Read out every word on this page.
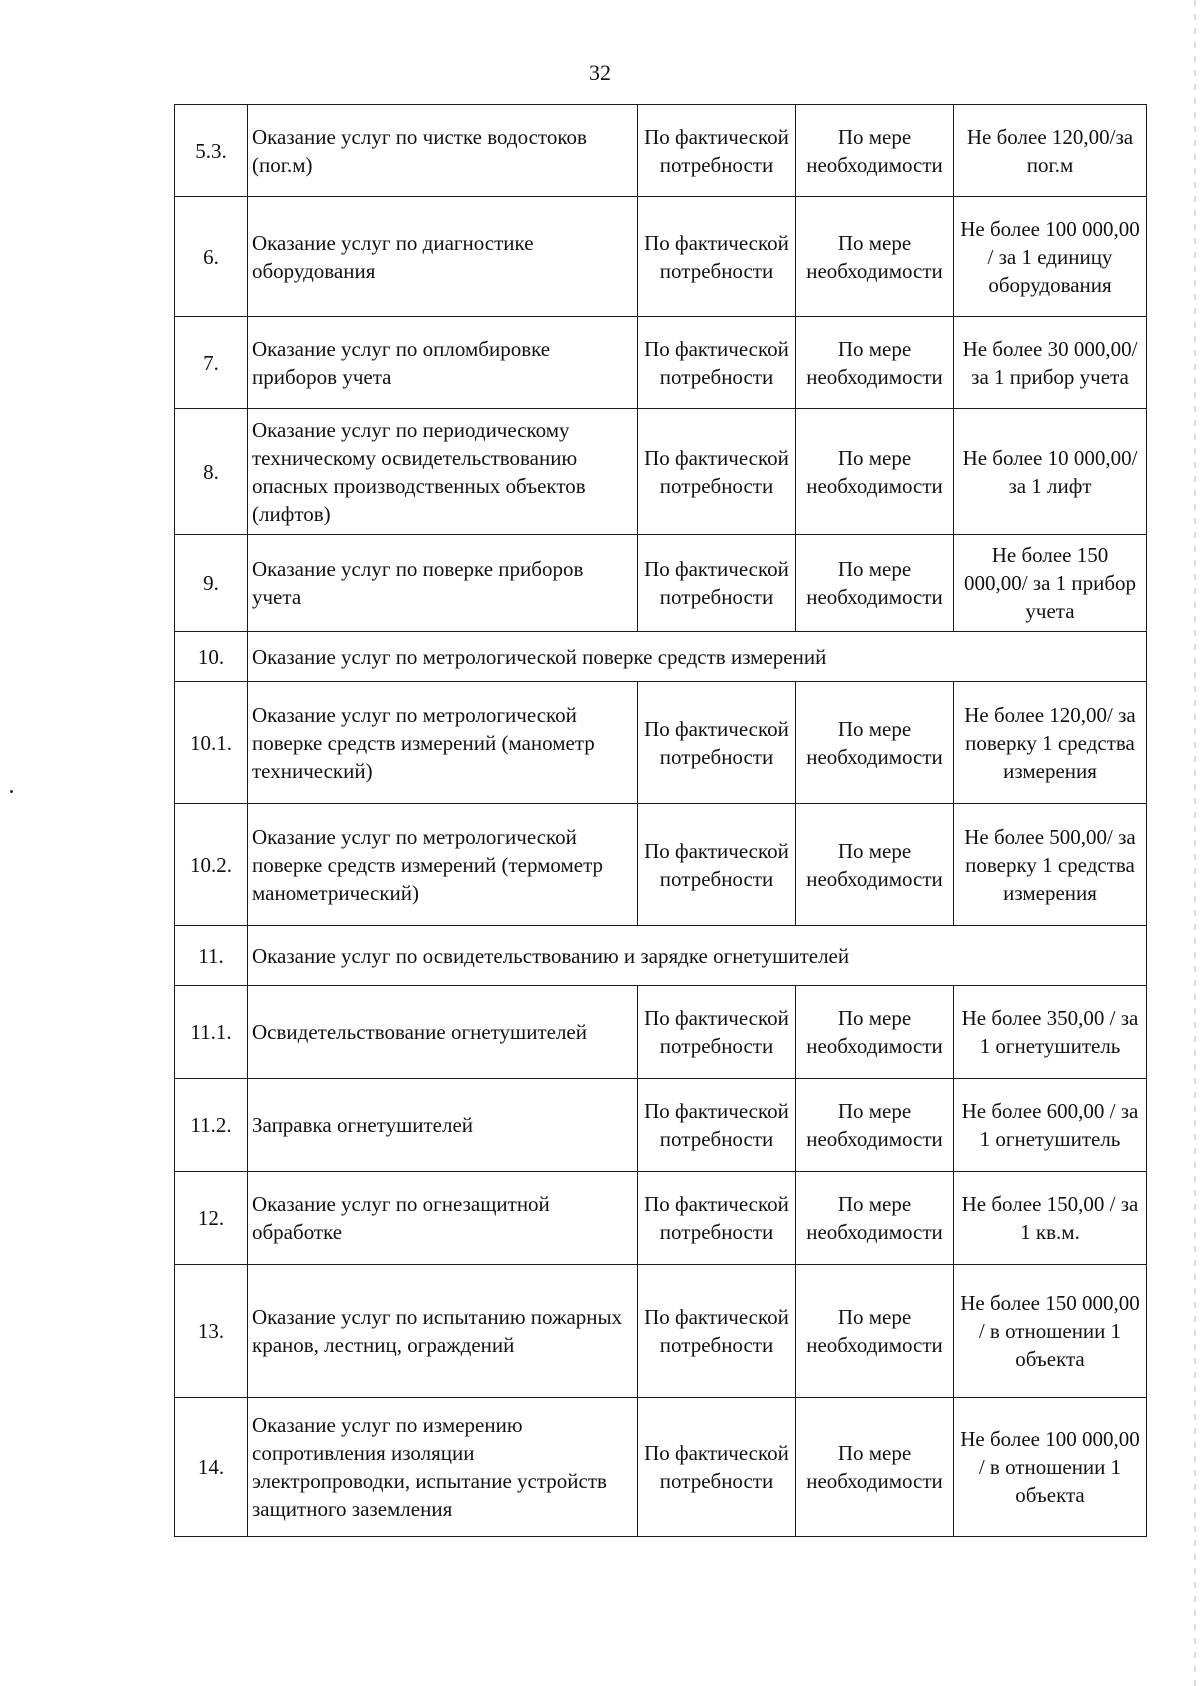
32
5.3.	Оказание услуг по чистке водостоков (пог.м)	По фактической потребности	По мере необходимости	Не более 120,00/за пог.м
6.	Оказание услуг по диагностике оборудования	По фактической потребности	По мере необходимости	Не более 100 000,00 / за 1 единицу оборудования
7.	Оказание услуг по опломбировке приборов учета	По фактической потребности	По мере необходимости	Не более 30 000,00/ за 1 прибор учета
8.	Оказание услуг по периодическому техническому освидетельствованию опасных производственных объектов (лифтов)	По фактической потребности	По мере необходимости	Не более 10 000,00/ за 1 лифт
9.	Оказание услуг по поверке приборов учета	По фактической потребности	По мере необходимости	Не более 150 000,00/ за 1 прибор учета
10.	Оказание услуг по метрологической поверке средств измерений			
10.1.	Оказание услуг по метрологической поверке средств измерений (манометр технический)	По фактической потребности	По мере необходимости	Не более 120,00/ за поверку 1 средства измерения
10.2.	Оказание услуг по метрологической поверке средств измерений (термометр манометрический)	По фактической потребности	По мере необходимости	Не более 500,00/ за поверку 1 средства измерения
11.	Оказание услуг по освидетельствованию и зарядке огнетушителей			
11.1.	Освидетельствование огнетушителей	По фактической потребности	По мере необходимости	Не более 350,00 / за 1 огнетушитель
11.2.	Заправка огнетушителей	По фактической потребности	По мере необходимости	Не более 600,00 / за 1 огнетушитель
12.	Оказание услуг по огнезащитной обработке	По фактической потребности	По мере необходимости	Не более 150,00 / за 1 кв.м.
13.	Оказание услуг по испытанию пожарных кранов, лестниц, ограждений	По фактической потребности	По мере необходимости	Не более 150 000,00 / в отношении 1 объекта
14.	Оказание услуг по измерению сопротивления изоляции электропроводки, испытание устройств защитного заземления	По фактической потребности	По мере необходимости	Не более 100 000,00 / в отношении 1 объекта
